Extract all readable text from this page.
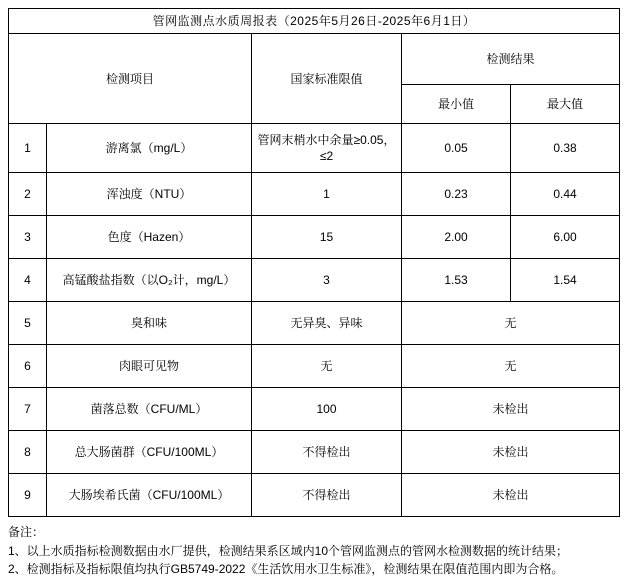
管网监测点水质周报表（2025年5月26日-2025年6月1日）				
检测项目		国家标准限值	检测结果	
			最小值	最大值
1	游离氯（mg/L）	管网末梢水中余量≥0.05，≤2	0.05	0.38
2	浑浊度（NTU）	1	0.23	0.44
3	色度（Hazen）	15	2.00	6.00
4	高锰酸盐指数（以O₂计，mg/L）	3	1.53	1.54
5	臭和味	无异臭、异味	无	
6	肉眼可见物	无	无	
7	菌落总数（CFU/ML）	100	未检出	
8	总大肠菌群（CFU/100ML）	不得检出	未检出	
9	大肠埃希氏菌（CFU/100ML）	不得检出	未检出	
备注：
1、以上水质指标检测数据由水厂提供，检测结果系区域内10个管网监测点的管网水检测数据的统计结果；
2、检测指标及指标限值均执行GB5749-2022《生活饮用水卫生标准》，检测结果在限值范围内即为合格。
